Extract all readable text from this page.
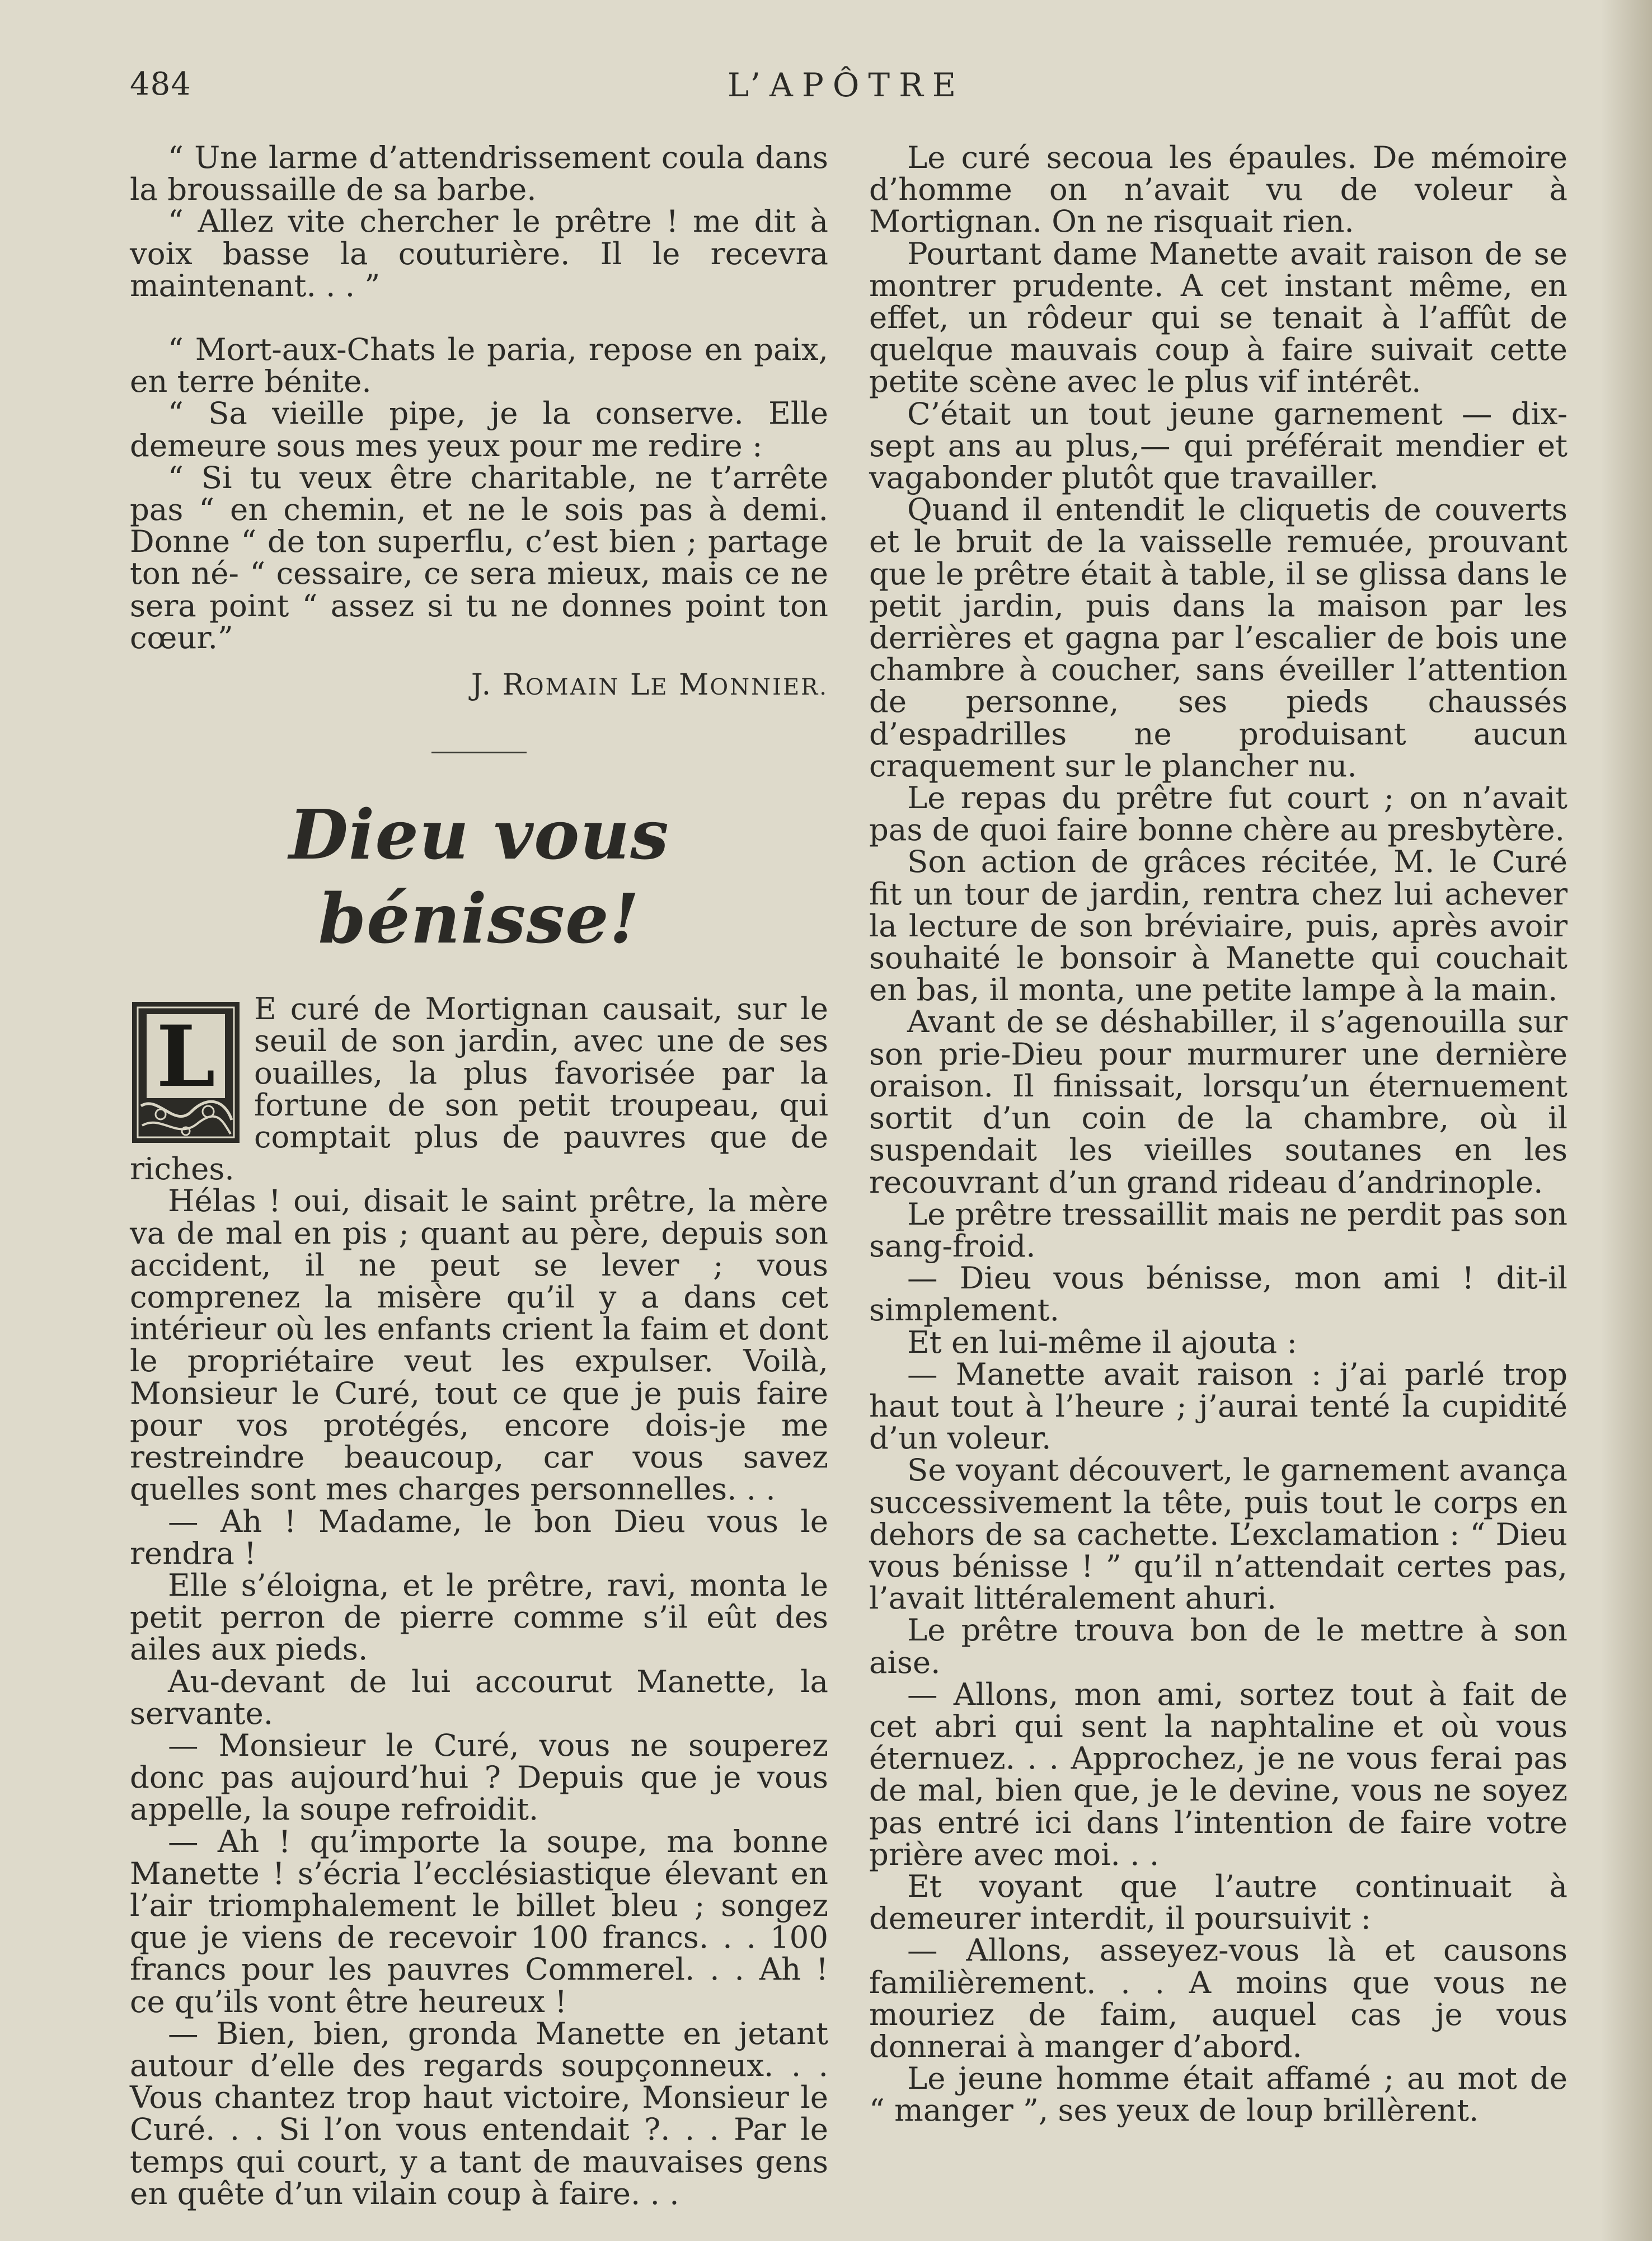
484	L’APÔTRE

“ Une larme d’attendrissement coula dans la broussaille de sa barbe.

“ Allez vite chercher le prêtre ! me dit à voix basse la couturière. Il le recevra maintenant. . . ”

“ Mort-aux-Chats le paria, repose en paix, en terre bénite.

“ Sa vieille pipe, je la conserve. Elle demeure sous mes yeux pour me redire :

“ Si tu veux être charitable, ne t’arrête pas “ en chemin, et ne le sois pas à demi. Donne “ de ton superflu, c’est bien ; partage ton né- “ cessaire, ce sera mieux, mais ce ne sera point “ assez si tu ne donnes point ton cœur.”

J. ROMAIN LE MONNIER.
Dieu vous bénisse!
L	E curé de Mortignan causait, sur le seuil de son jardin, avec une de ses ouailles, la plus favorisée par la fortune de son petit troupeau, qui comptait plus de pauvres que de riches.

Hélas ! oui, disait le saint prêtre, la mère va de mal en pis ; quant au père, depuis son accident, il ne peut se lever ; vous comprenez la misère qu’il y a dans cet intérieur où les enfants crient la faim et dont le propriétaire veut les expulser. Voilà, Monsieur le Curé, tout ce que je puis faire pour vos protégés, encore dois-je me restreindre beaucoup, car vous savez quelles sont mes charges personnelles. . .

— Ah ! Madame, le bon Dieu vous le rendra !

Elle s’éloigna, et le prêtre, ravi, monta le petit perron de pierre comme s’il eût des ailes aux pieds.

Au-devant de lui accourut Manette, la servante.

— Monsieur le Curé, vous ne souperez donc pas aujourd’hui ? Depuis que je vous appelle, la soupe refroidit.

— Ah ! qu’importe la soupe, ma bonne Manette ! s’écria l’ecclésiastique élevant en l’air triomphalement le billet bleu ; songez que je viens de recevoir 100 francs. . . 100 francs pour les pauvres Commerel. . . Ah ! ce qu’ils vont être heureux !

— Bien, bien, gronda Manette en jetant autour d’elle des regards soupçonneux. . . Vous chantez trop haut victoire, Monsieur le Curé. . . Si l’on vous entendait ?. . . Par le temps qui court, y a tant de mauvaises gens en quête d’un vilain coup à faire. . .

Le curé secoua les épaules. De mémoire d’homme on n’avait vu de voleur à Mortignan. On ne risquait rien.

Pourtant dame Manette avait raison de se montrer prudente. A cet instant même, en effet, un rôdeur qui se tenait à l’affût de quelque mauvais coup à faire suivait cette petite scène avec le plus vif intérêt.

C’était un tout jeune garnement — dix-sept ans au plus,— qui préférait mendier et vagabonder plutôt que travailler.

Quand il entendit le cliquetis de couverts et le bruit de la vaisselle remuée, prouvant que le prêtre était à table, il se glissa dans le petit jardin, puis dans la maison par les derrières et gagna par l’escalier de bois une chambre à coucher, sans éveiller l’attention de personne, ses pieds chaussés d’espadrilles ne produisant aucun craquement sur le plancher nu.

Le repas du prêtre fut court ; on n’avait pas de quoi faire bonne chère au presbytère.

Son action de grâces récitée, M. le Curé fit un tour de jardin, rentra chez lui achever la lecture de son bréviaire, puis, après avoir souhaité le bonsoir à Manette qui couchait en bas, il monta, une petite lampe à la main.

Avant de se déshabiller, il s’agenouilla sur son prie-Dieu pour murmurer une dernière oraison. Il finissait, lorsqu’un éternuement sortit d’un coin de la chambre, où il suspendait les vieilles soutanes en les recouvrant d’un grand rideau d’andrinople.

Le prêtre tressaillit mais ne perdit pas son sang-froid.

— Dieu vous bénisse, mon ami ! dit-il simplement.

Et en lui-même il ajouta :

— Manette avait raison : j’ai parlé trop haut tout à l’heure ; j’aurai tenté la cupidité d’un voleur.

Se voyant découvert, le garnement avança successivement la tête, puis tout le corps en dehors de sa cachette. L’exclamation : “ Dieu vous bénisse ! ” qu’il n’attendait certes pas, l’avait littéralement ahuri.

Le prêtre trouva bon de le mettre à son aise.

— Allons, mon ami, sortez tout à fait de cet abri qui sent la naphtaline et où vous éternuez. . . Approchez, je ne vous ferai pas de mal, bien que, je le devine, vous ne soyez pas entré ici dans l’intention de faire votre prière avec moi. . .

Et voyant que l’autre continuait à demeurer interdit, il poursuivit :

— Allons, asseyez-vous là et causons familièrement. . . A moins que vous ne mouriez de faim, auquel cas je vous donnerai à manger d’abord.

Le jeune homme était affamé ; au mot de “ manger ”, ses yeux de loup brillèrent.
